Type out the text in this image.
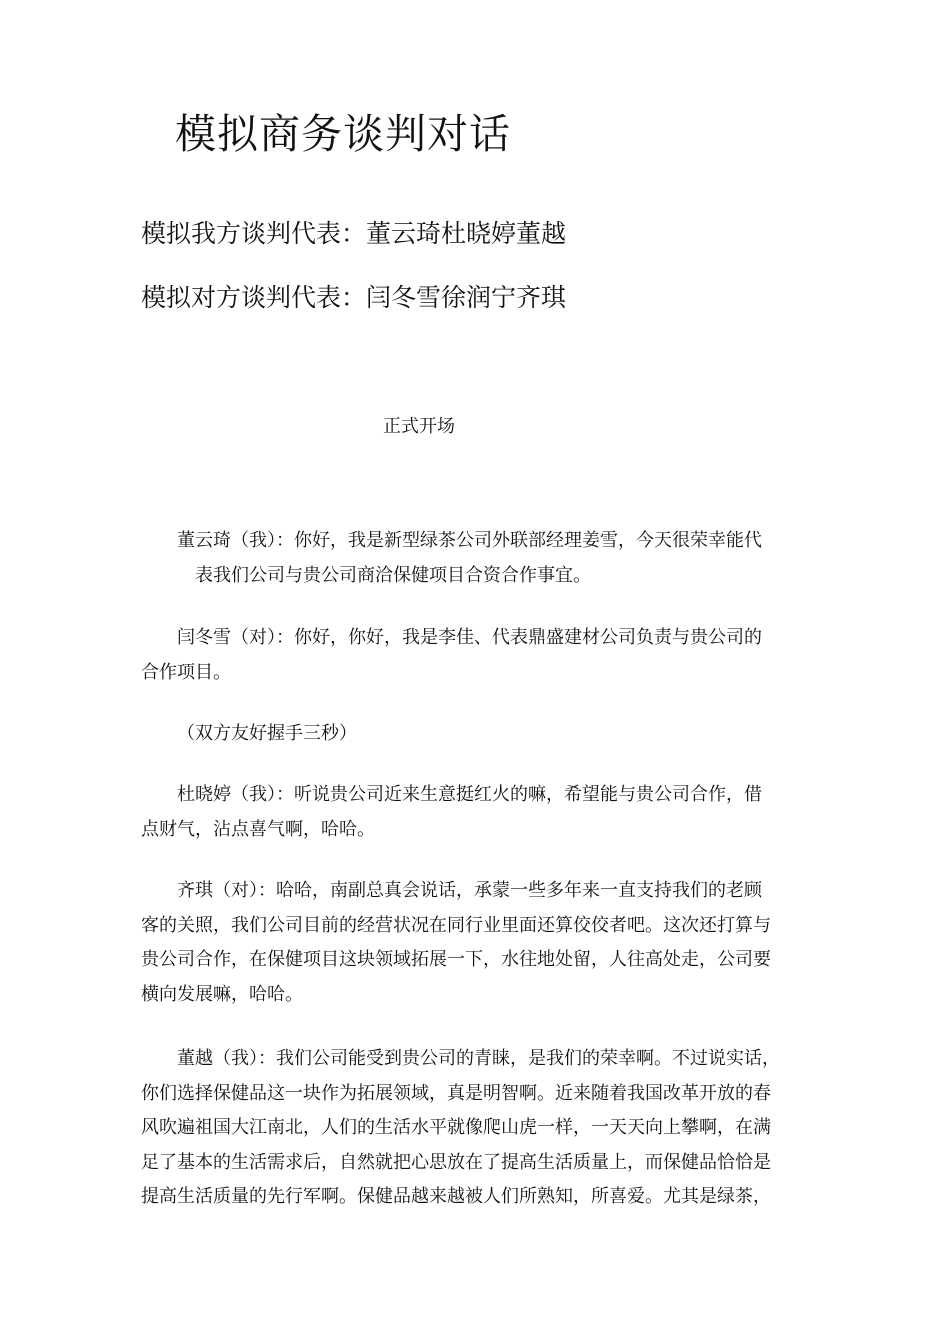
模拟商务谈判对话

模拟我方谈判代表：董云琦杜晓婷董越

模拟对方谈判代表：闫冬雪徐润宁齐琪

正式开场

董云琦（我）：你好，我是新型绿茶公司外联部经理姜雪，今天很荣幸能代
表我们公司与贵公司商洽保健项目合资合作事宜。
闫冬雪（对）：你好，你好，我是李佳、代表鼎盛建材公司负责与贵公司的
合作项目。
（双方友好握手三秒）
杜晓婷（我）：听说贵公司近来生意挺红火的嘛，希望能与贵公司合作，借
点财气，沾点喜气啊，哈哈。
齐琪（对）：哈哈，南副总真会说话，承蒙一些多年来一直支持我们的老顾
客的关照，我们公司目前的经营状况在同行业里面还算佼佼者吧。这次还打算与
贵公司合作，在保健项目这块领域拓展一下，水往地处留，人往高处走，公司要
横向发展嘛，哈哈。
董越（我）：我们公司能受到贵公司的青睐，是我们的荣幸啊。不过说实话，
你们选择保健品这一块作为拓展领域，真是明智啊。近来随着我国改革开放的春
风吹遍祖国大江南北，人们的生活水平就像爬山虎一样，一天天向上攀啊，在满
足了基本的生活需求后，自然就把心思放在了提高生活质量上，而保健品恰恰是
提高生活质量的先行军啊。保健品越来越被人们所熟知，所喜爱。尤其是绿茶，
